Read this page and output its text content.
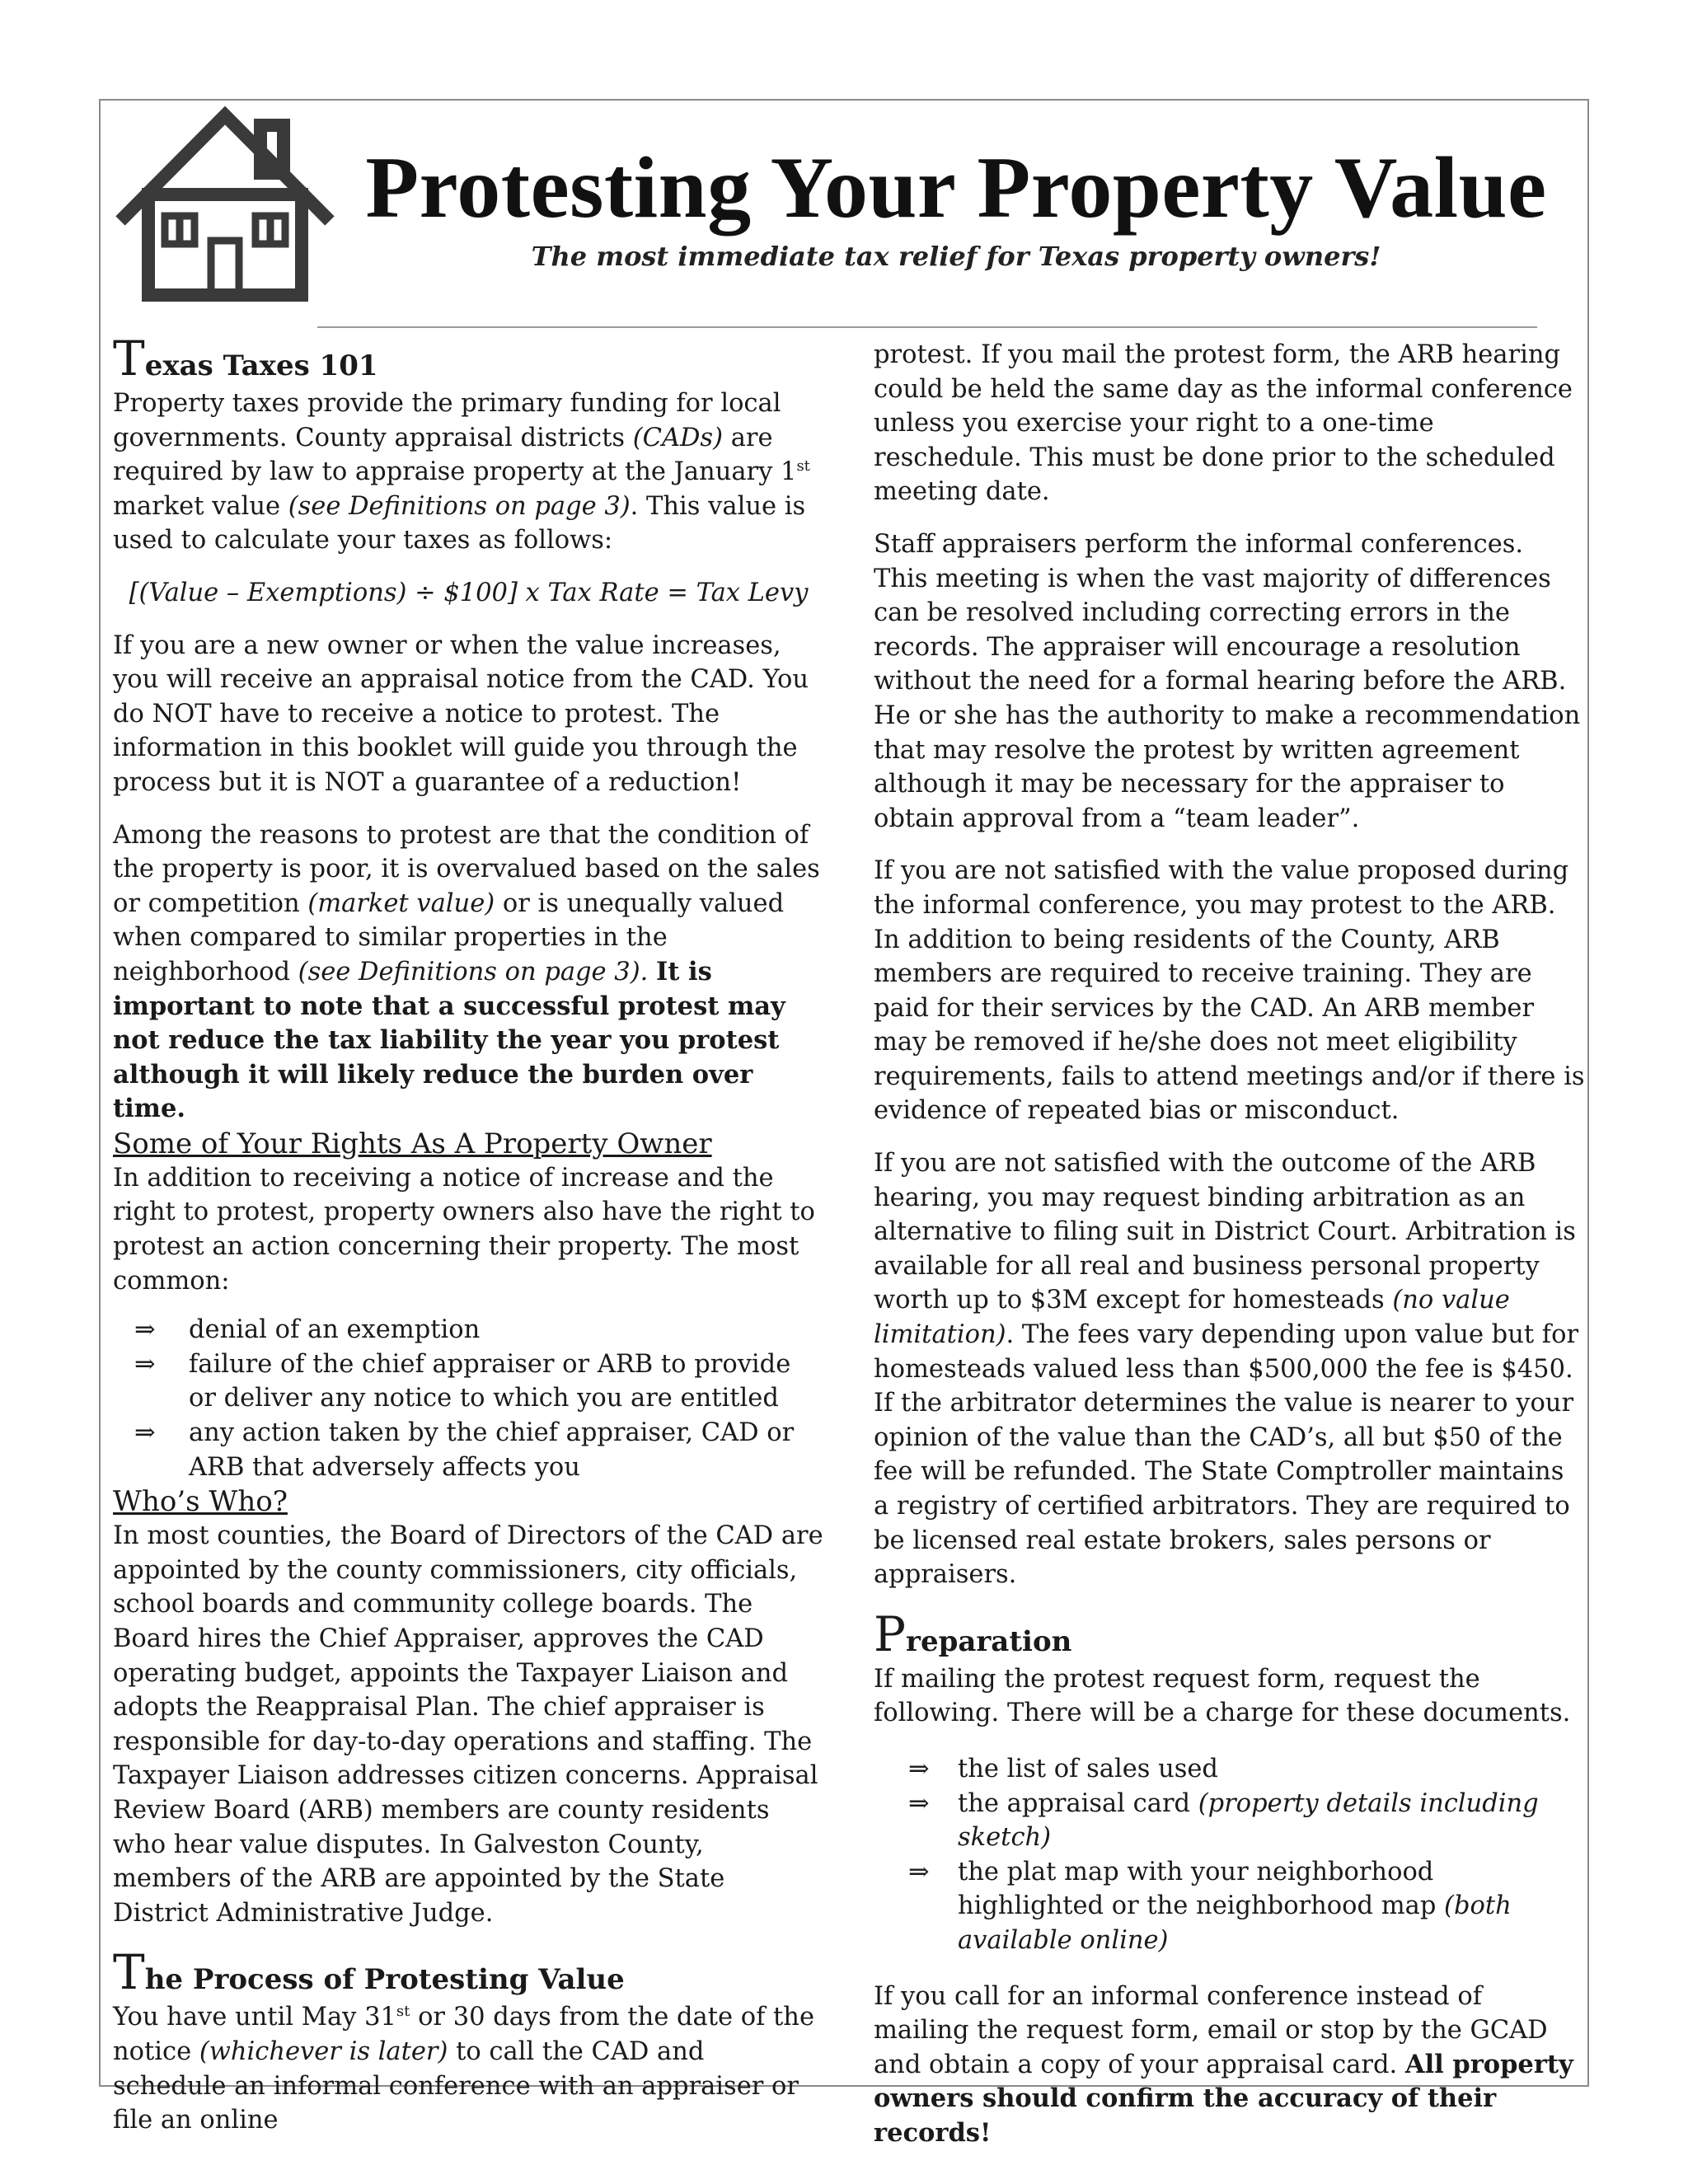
Protesting Your Property Value

The most immediate tax relief for Texas property owners!

Texas Taxes 101

Property taxes provide the primary funding for local governments. County appraisal districts (CADs) are required by law to appraise property at the January 1st market value (see Definitions on page 3). This value is used to calculate your taxes as follows:

[(Value – Exemptions) ÷ $100] x Tax Rate = Tax Levy

If you are a new owner or when the value increases, you will receive an appraisal notice from the CAD. You do NOT have to receive a notice to protest. The information in this booklet will guide you through the process but it is NOT a guarantee of a reduction!

Among the reasons to protest are that the condition of the property is poor, it is overvalued based on the sales or competition (market value) or is unequally valued when compared to similar properties in the neighborhood (see Definitions on page 3). It is important to note that a successful protest may not reduce the tax liability the year you protest although it will likely reduce the burden over time.

Some of Your Rights As A Property Owner

In addition to receiving a notice of increase and the right to protest, property owners also have the right to protest an action concerning their property. The most common:

⇒ denial of an exemption
⇒ failure of the chief appraiser or ARB to provide or deliver any notice to which you are entitled
⇒ any action taken by the chief appraiser, CAD or ARB that adversely affects you
Who’s Who?

In most counties, the Board of Directors of the CAD are appointed by the county commissioners, city officials, school boards and community college boards. The Board hires the Chief Appraiser, approves the CAD operating budget, appoints the Taxpayer Liaison and adopts the Reappraisal Plan. The chief appraiser is responsible for day-to-day operations and staffing. The Taxpayer Liaison addresses citizen concerns. Appraisal Review Board (ARB) members are county residents who hear value disputes. In Galveston County, members of the ARB are appointed by the State District Administrative Judge.

The Process of Protesting Value

You have until May 31st or 30 days from the date of the notice (whichever is later) to call the CAD and schedule an informal conference with an appraiser or file an online

protest. If you mail the protest form, the ARB hearing could be held the same day as the informal conference unless you exercise your right to a one-time reschedule. This must be done prior to the scheduled meeting date.

Staff appraisers perform the informal conferences. This meeting is when the vast majority of differences can be resolved including correcting errors in the records. The appraiser will encourage a resolution without the need for a formal hearing before the ARB. He or she has the authority to make a recommendation that may resolve the protest by written agreement although it may be necessary for the appraiser to obtain approval from a “team leader”.

If you are not satisfied with the value proposed during the informal conference, you may protest to the ARB. In addition to being residents of the County, ARB members are required to receive training. They are paid for their services by the CAD. An ARB member may be removed if he/she does not meet eligibility requirements, fails to attend meetings and/or if there is evidence of repeated bias or misconduct.

If you are not satisfied with the outcome of the ARB hearing, you may request binding arbitration as an alternative to filing suit in District Court. Arbitration is available for all real and business personal property worth up to $3M except for homesteads (no value limitation). The fees vary depending upon value but for homesteads valued less than $500,000 the fee is $450. If the arbitrator determines the value is nearer to your opinion of the value than the CAD’s, all but $50 of the fee will be refunded. The State Comptroller maintains a registry of certified arbitrators. They are required to be licensed real estate brokers, sales persons or appraisers.

Preparation

If mailing the protest request form, request the following. There will be a charge for these documents.

⇒ the list of sales used
⇒ the appraisal card (property details including sketch)
⇒ the plat map with your neighborhood highlighted or the neighborhood map (both available online)

If you call for an informal conference instead of mailing the request form, email or stop by the GCAD and obtain a copy of your appraisal card. All property owners should confirm the accuracy of their records!
